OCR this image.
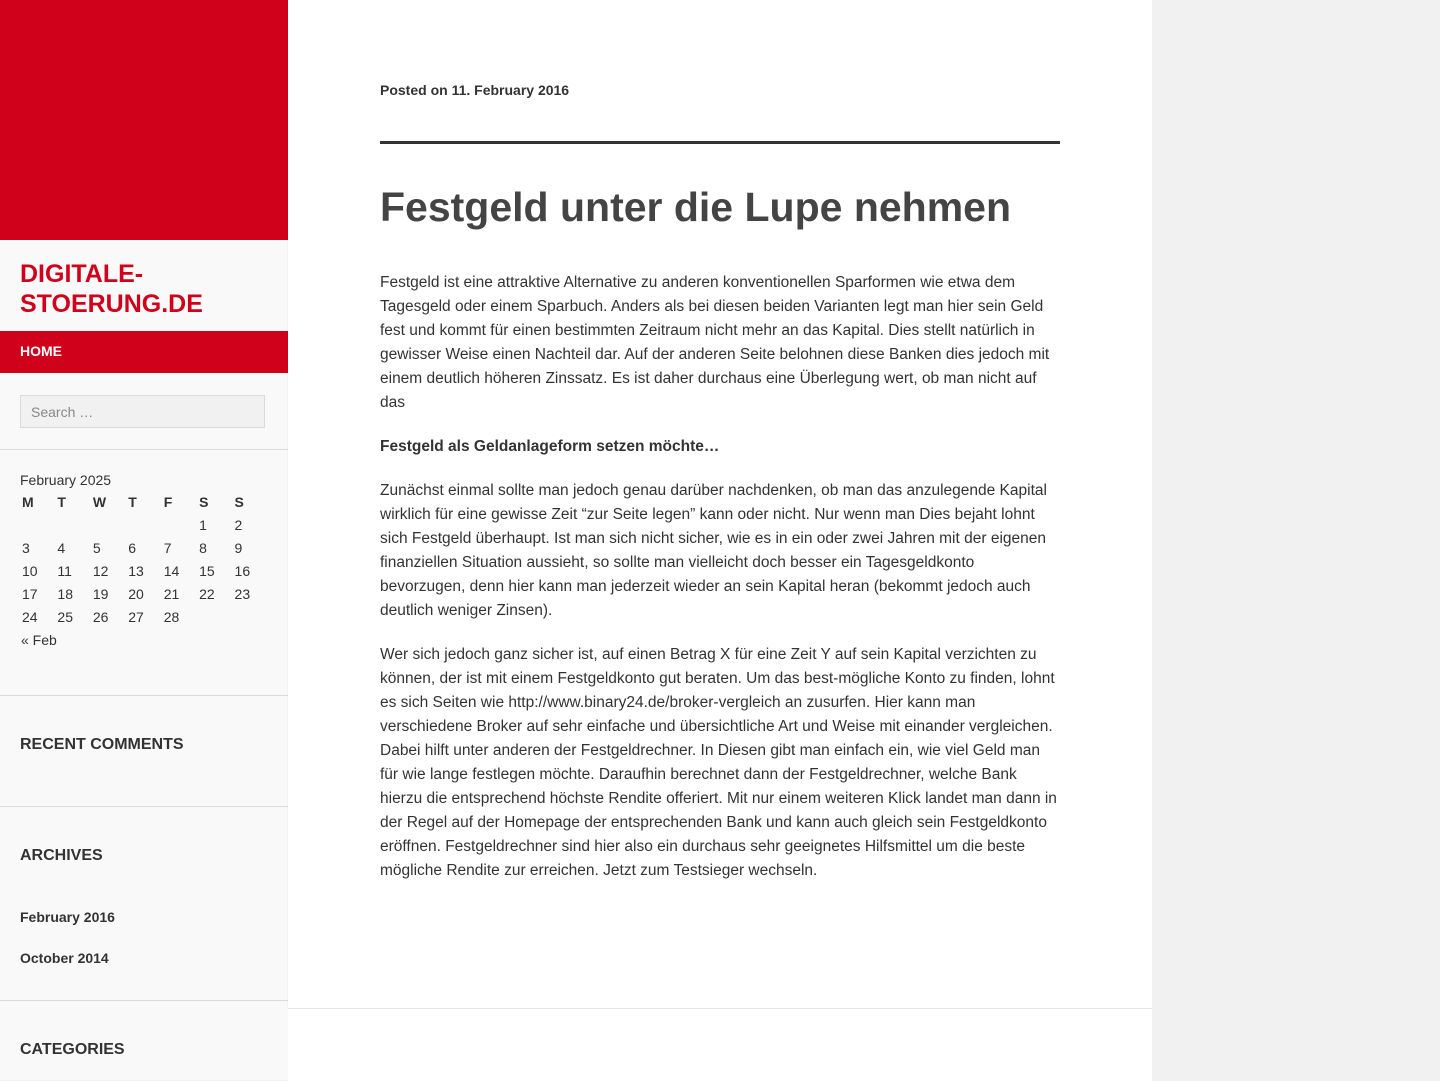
DIGITALE-
STOERUNG.DE
HOME
Search …
February 2025
M	T	W	T	F	S	S
					1	2
3	4	5	6	7	8	9
10	11	12	13	14	15	16
17	18	19	20	21	22	23
24	25	26	27	28		
« Feb
RECENT COMMENTS
ARCHIVES
February 2016
October 2014
CATEGORIES
Posted on 11. February 2016
Festgeld unter die Lupe nehmen

Festgeld ist eine attraktive Alternative zu anderen konventionellen Sparformen wie etwa dem Tagesgeld oder einem Sparbuch. Anders als bei diesen beiden Varianten legt man hier sein Geld fest und kommt für einen bestimmten Zeitraum nicht mehr an das Kapital. Dies stellt natürlich in gewisser Weise einen Nachteil dar. Auf der anderen Seite belohnen diese Banken dies jedoch mit einem deutlich höheren Zinssatz. Es ist daher durchaus eine Überlegung wert, ob man nicht auf das

Festgeld als Geldanlageform setzen möchte…

Zunächst einmal sollte man jedoch genau darüber nachdenken, ob man das anzulegende Kapital wirklich für eine gewisse Zeit “zur Seite legen” kann oder nicht. Nur wenn man Dies bejaht lohnt sich Festgeld überhaupt. Ist man sich nicht sicher, wie es in ein oder zwei Jahren mit der eigenen finanziellen Situation aussieht, so sollte man vielleicht doch besser ein Tagesgeldkonto bevorzugen, denn hier kann man jederzeit wieder an sein Kapital heran (bekommt jedoch auch deutlich weniger Zinsen).

Wer sich jedoch ganz sicher ist, auf einen Betrag X für eine Zeit Y auf sein Kapital verzichten zu können, der ist mit einem Festgeldkonto gut beraten. Um das best-mögliche Konto zu finden, lohnt es sich Seiten wie http://www.binary24.de/broker-vergleich an zusurfen. Hier kann man verschiedene Broker auf sehr einfache und übersichtliche Art und Weise mit einander vergleichen. Dabei hilft unter anderen der Festgeldrechner. In Diesen gibt man einfach ein, wie viel Geld man für wie lange festlegen möchte. Daraufhin berechnet dann der Festgeldrechner, welche Bank hierzu die entsprechend höchste Rendite offeriert. Mit nur einem weiteren Klick landet man dann in der Regel auf der Homepage der entsprechenden Bank und kann auch gleich sein Festgeldkonto eröffnen. Festgeldrechner sind hier also ein durchaus sehr geeignetes Hilfsmittel um die beste mögliche Rendite zur erreichen. Jetzt zum Testsieger wechseln.
